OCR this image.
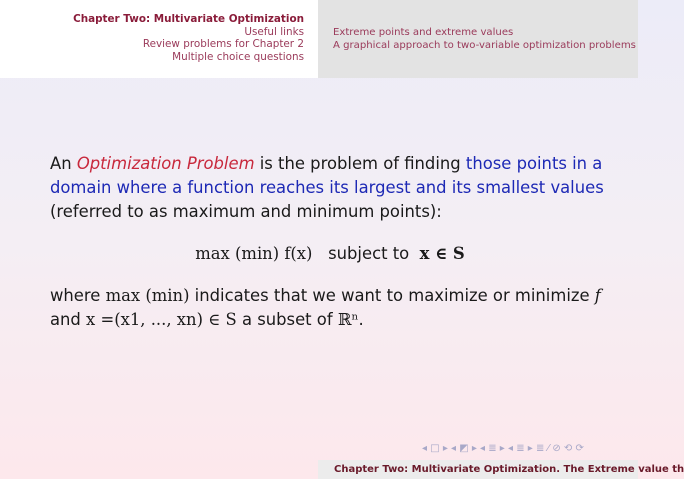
Chapter Two: Multivariate Optimization
Useful links
Review problems for Chapter 2
Multiple choice questions
Extreme points and extreme values
A graphical approach to two-variable optimization problems
An Optimization Problem is the problem of finding those points in a domain where a function reaches its largest and its smallest values (referred to as maximum and minimum points):
max (min) f(x) subject to x ∈ S
where max (min) indicates that we want to maximize or minimize f and x =(x1, ..., xn) ∈ S a subset of ℝⁿ.
◂ □ ▸ ◂ ◩ ▸ ◂ ≣ ▸ ◂ ≣ ▸ ≣ ⁄ ⊘ ⟲ ⟳
Chapter Two: Multivariate Optimization. The Extreme value th
